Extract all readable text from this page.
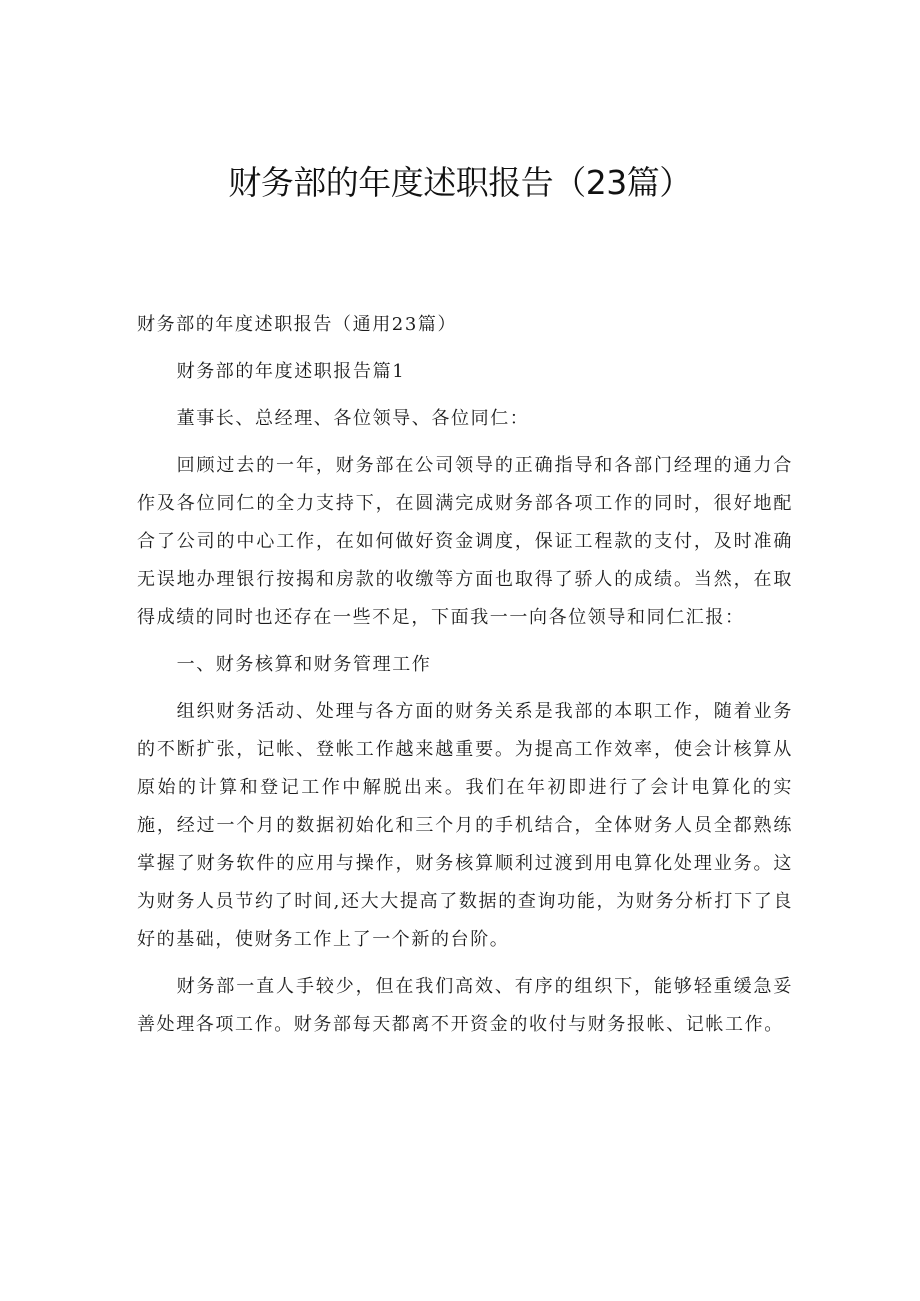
财务部的年度述职报告（23篇）

财务部的年度述职报告（通用23篇）

财务部的年度述职报告篇1

董事长、总经理、各位领导、各位同仁：

回顾过去的一年，财务部在公司领导的正确指导和各部门经理的通力合作及各位同仁的全力支持下，在圆满完成财务部各项工作的同时，很好地配合了公司的中心工作，在如何做好资金调度，保证工程款的支付，及时准确无误地办理银行按揭和房款的收缴等方面也取得了骄人的成绩。当然，在取得成绩的同时也还存在一些不足，下面我一一向各位领导和同仁汇报：

一、财务核算和财务管理工作

组织财务活动、处理与各方面的财务关系是我部的本职工作，随着业务的不断扩张，记帐、登帐工作越来越重要。为提高工作效率，使会计核算从原始的计算和登记工作中解脱出来。我们在年初即进行了会计电算化的实施，经过一个月的数据初始化和三个月的手机结合，全体财务人员全都熟练掌握了财务软件的应用与操作，财务核算顺利过渡到用电算化处理业务。这为财务人员节约了时间,还大大提高了数据的查询功能，为财务分析打下了良好的基础，使财务工作上了一个新的台阶。

财务部一直人手较少，但在我们高效、有序的组织下，能够轻重缓急妥善处理各项工作。财务部每天都离不开资金的收付与财务报帐、记帐工作。
